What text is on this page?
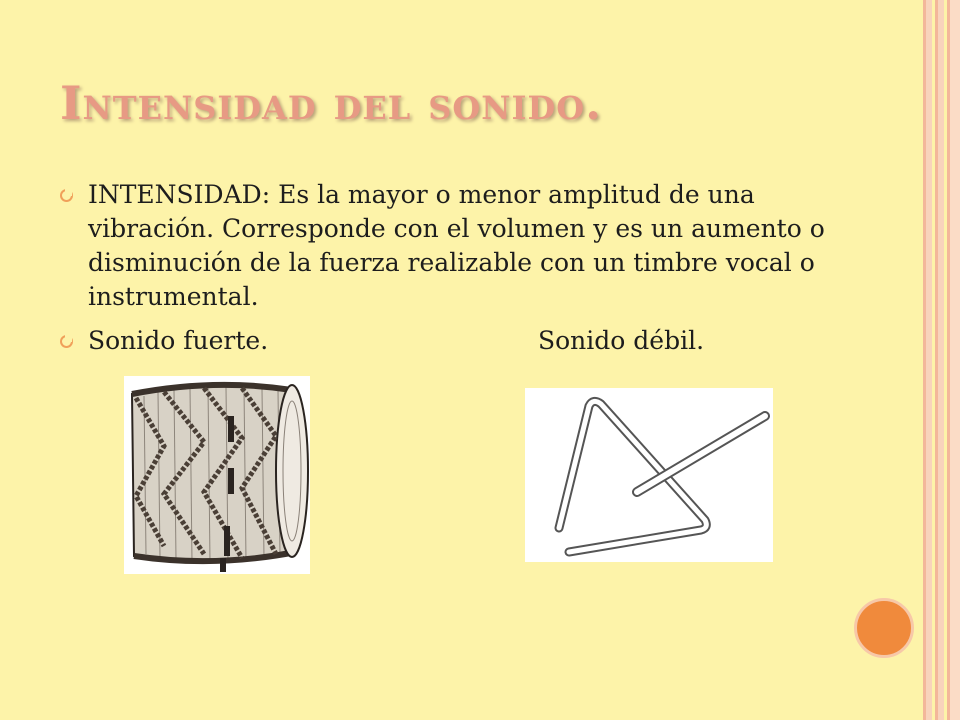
Intensidad del sonido.
INTENSIDAD: Es la mayor o menor amplitud de una vibración. Corresponde con el volumen y es un aumento o disminución de la fuerza realizable con un timbre vocal o instrumental.
Sonido fuerte.	Sonido débil.
